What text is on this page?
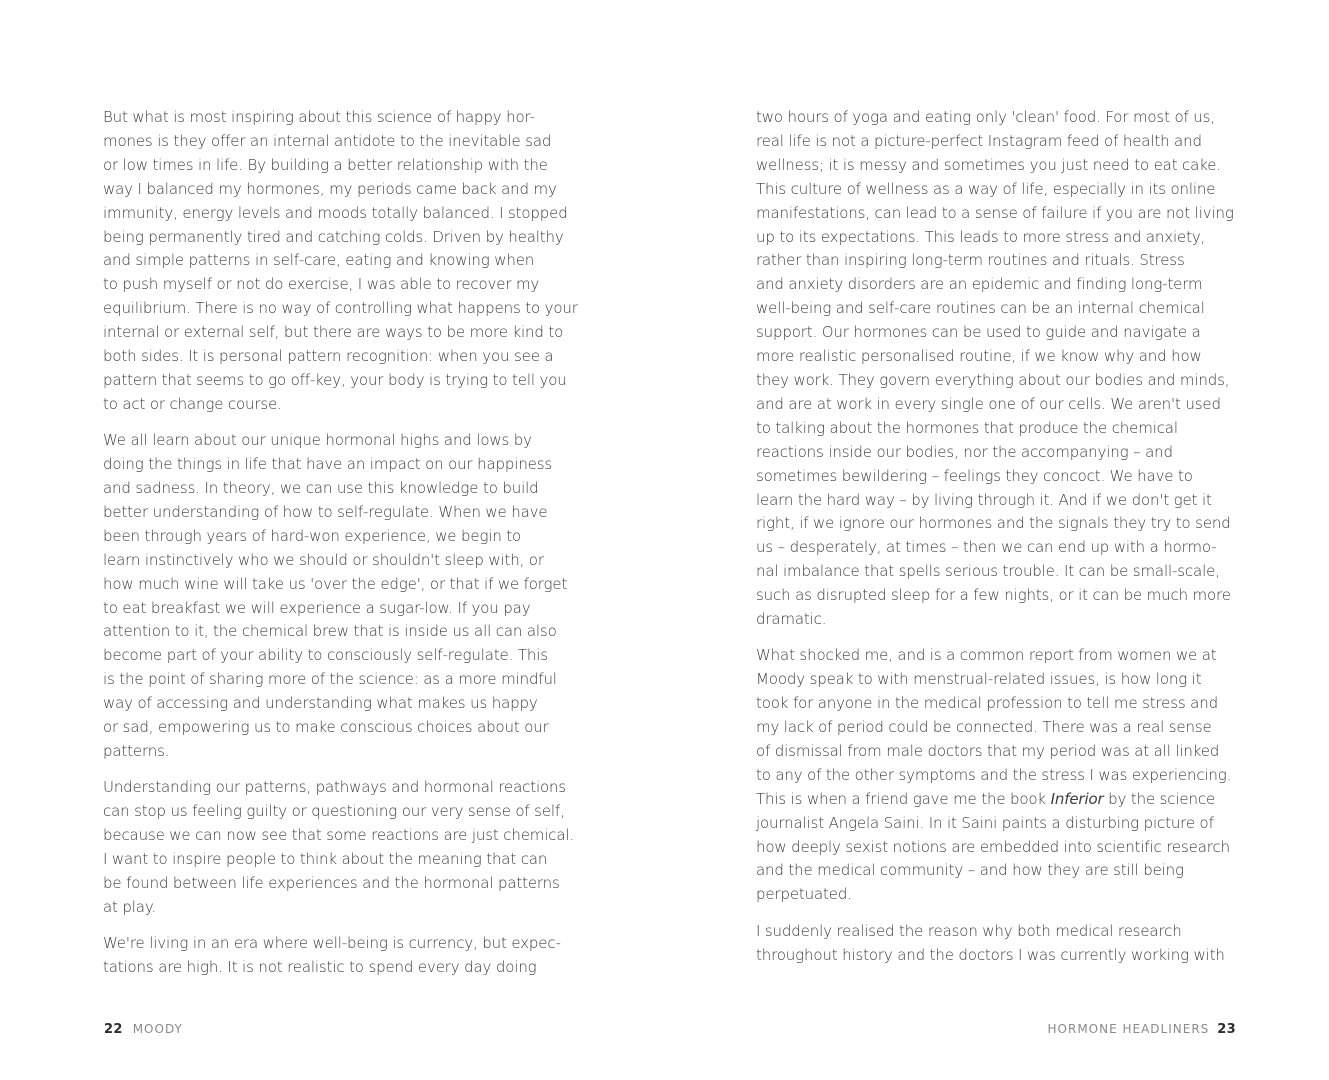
But what is most inspiring about this science of happy hor-
mones is they offer an internal antidote to the inevitable sad
or low times in life. By building a better relationship with the
way I balanced my hormones, my periods came back and my
immunity, energy levels and moods totally balanced. I stopped
being permanently tired and catching colds. Driven by healthy
and simple patterns in self-care, eating and knowing when
to push myself or not do exercise, I was able to recover my
equilibrium. There is no way of controlling what happens to your
internal or external self, but there are ways to be more kind to
both sides. It is personal pattern recognition: when you see a
pattern that seems to go off-key, your body is trying to tell you
to act or change course.

We all learn about our unique hormonal highs and lows by
doing the things in life that have an impact on our happiness
and sadness. In theory, we can use this knowledge to build
better understanding of how to self-regulate. When we have
been through years of hard-won experience, we begin to
learn instinctively who we should or shouldn't sleep with, or
how much wine will take us 'over the edge', or that if we forget
to eat breakfast we will experience a sugar-low. If you pay
attention to it, the chemical brew that is inside us all can also
become part of your ability to consciously self-regulate. This
is the point of sharing more of the science: as a more mindful
way of accessing and understanding what makes us happy
or sad, empowering us to make conscious choices about our
patterns.

Understanding our patterns, pathways and hormonal reactions
can stop us feeling guilty or questioning our very sense of self,
because we can now see that some reactions are just chemical.
I want to inspire people to think about the meaning that can
be found between life experiences and the hormonal patterns
at play.

We're living in an era where well-being is currency, but expec-
tations are high. It is not realistic to spend every day doing

22 MOODY

two hours of yoga and eating only 'clean' food. For most of us,
real life is not a picture-perfect Instagram feed of health and
wellness; it is messy and sometimes you just need to eat cake.
This culture of wellness as a way of life, especially in its online
manifestations, can lead to a sense of failure if you are not living
up to its expectations. This leads to more stress and anxiety,
rather than inspiring long-term routines and rituals. Stress
and anxiety disorders are an epidemic and finding long-term
well-being and self-care routines can be an internal chemical
support. Our hormones can be used to guide and navigate a
more realistic personalised routine, if we know why and how
they work. They govern everything about our bodies and minds,
and are at work in every single one of our cells. We aren't used
to talking about the hormones that produce the chemical
reactions inside our bodies, nor the accompanying – and
sometimes bewildering – feelings they concoct. We have to
learn the hard way – by living through it. And if we don't get it
right, if we ignore our hormones and the signals they try to send
us – desperately, at times – then we can end up with a hormo-
nal imbalance that spells serious trouble. It can be small-scale,
such as disrupted sleep for a few nights, or it can be much more
dramatic.

What shocked me, and is a common report from women we at
Moody speak to with menstrual-related issues, is how long it
took for anyone in the medical profession to tell me stress and
my lack of period could be connected. There was a real sense
of dismissal from male doctors that my period was at all linked
to any of the other symptoms and the stress I was experiencing.
This is when a friend gave me the book Inferior by the science
journalist Angela Saini. In it Saini paints a disturbing picture of
how deeply sexist notions are embedded into scientific research
and the medical community – and how they are still being
perpetuated.

I suddenly realised the reason why both medical research
throughout history and the doctors I was currently working with

HORMONE HEADLINERS 23
